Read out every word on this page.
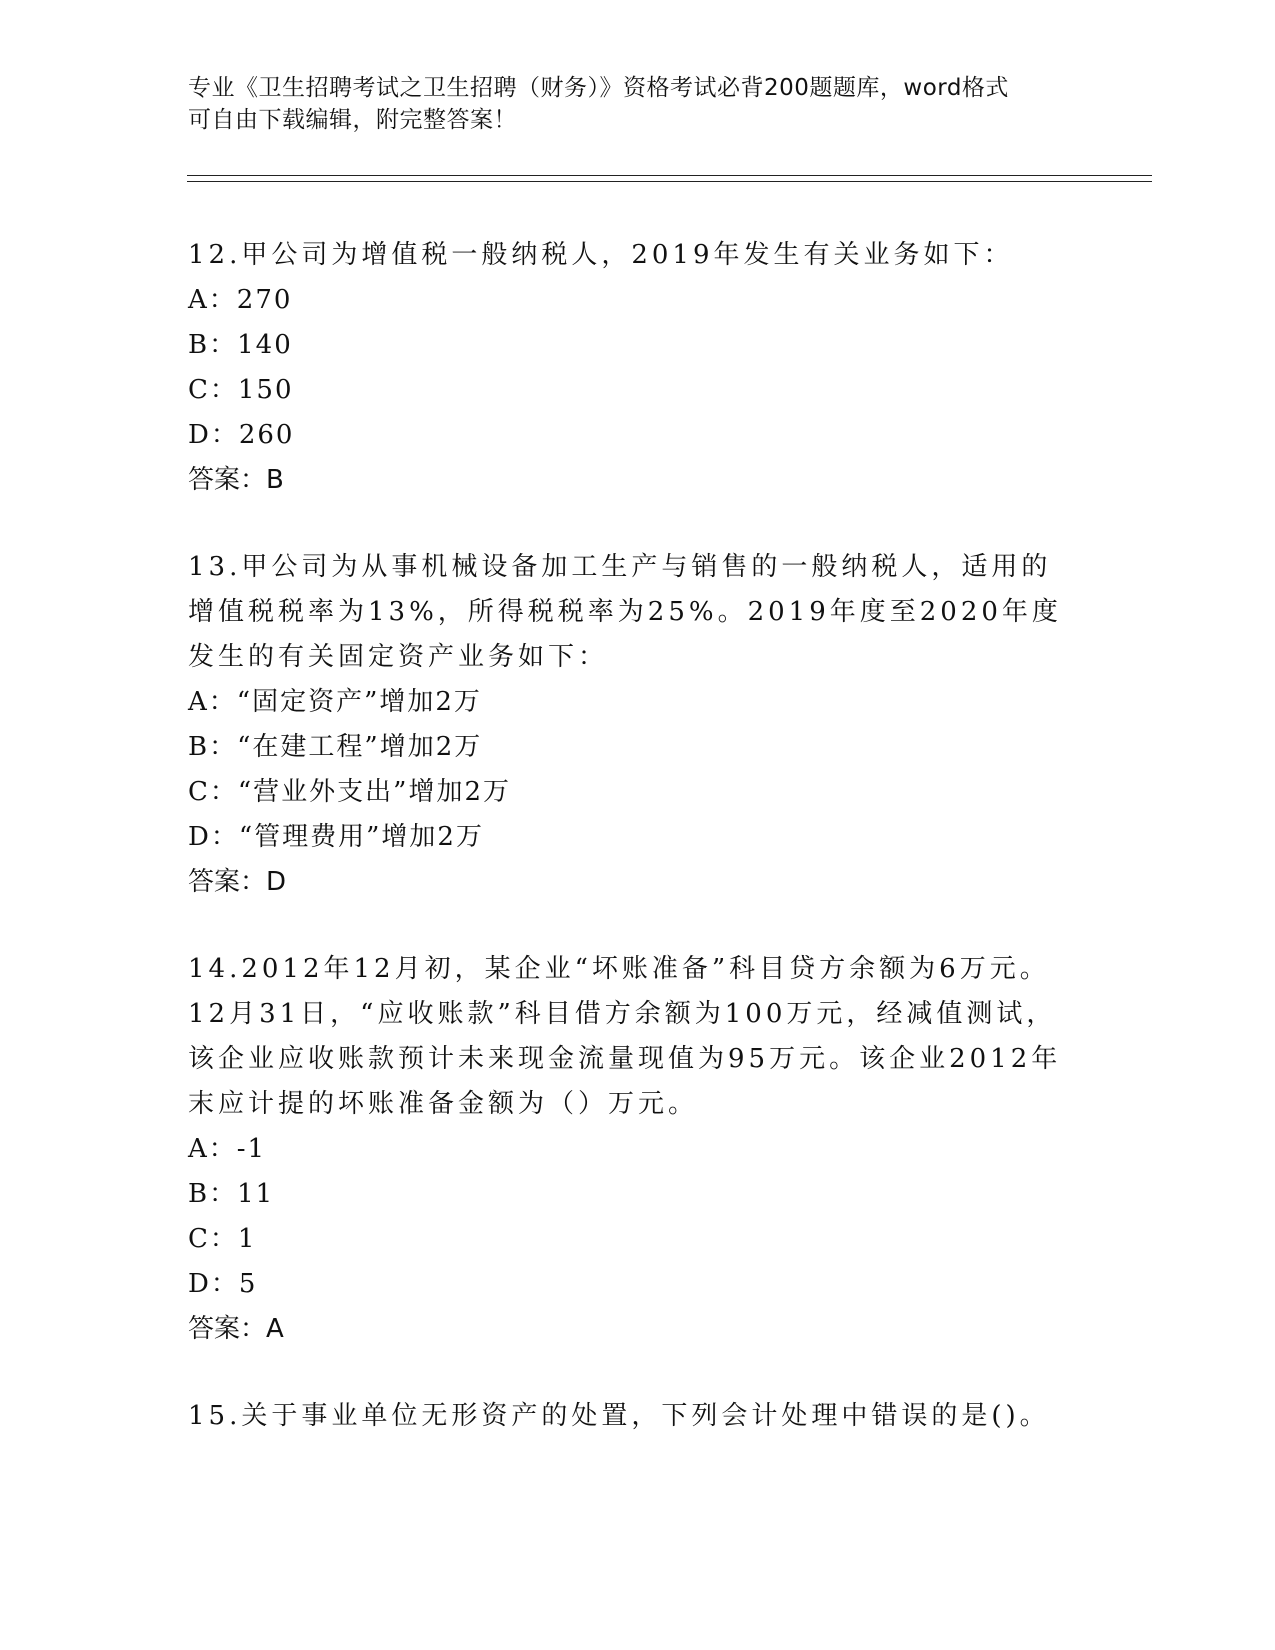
专业《卫生招聘考试之卫生招聘（财务）》资格考试必背200题题库，word格式
可自由下载编辑，附完整答案！

12.甲公司为增值税一般纳税人，2019年发生有关业务如下：

A：270

B：140

C：150

D：260

答案：B

13.甲公司为从事机械设备加工生产与销售的一般纳税人，适用的增值税税率为13%，所得税税率为25%。2019年度至2020年度发生的有关固定资产业务如下：

A：“固定资产”增加2万

B：“在建工程”增加2万

C：“营业外支出”增加2万

D：“管理费用”增加2万

答案：D

14.2012年12月初，某企业“坏账准备”科目贷方余额为6万元。12月31日，“应收账款”科目借方余额为100万元，经减值测试，该企业应收账款预计未来现金流量现值为95万元。该企业2012年末应计提的坏账准备金额为（）万元。

A：-1

B：11

C：1

D：5

答案：A

15.关于事业单位无形资产的处置，下列会计处理中错误的是()。
